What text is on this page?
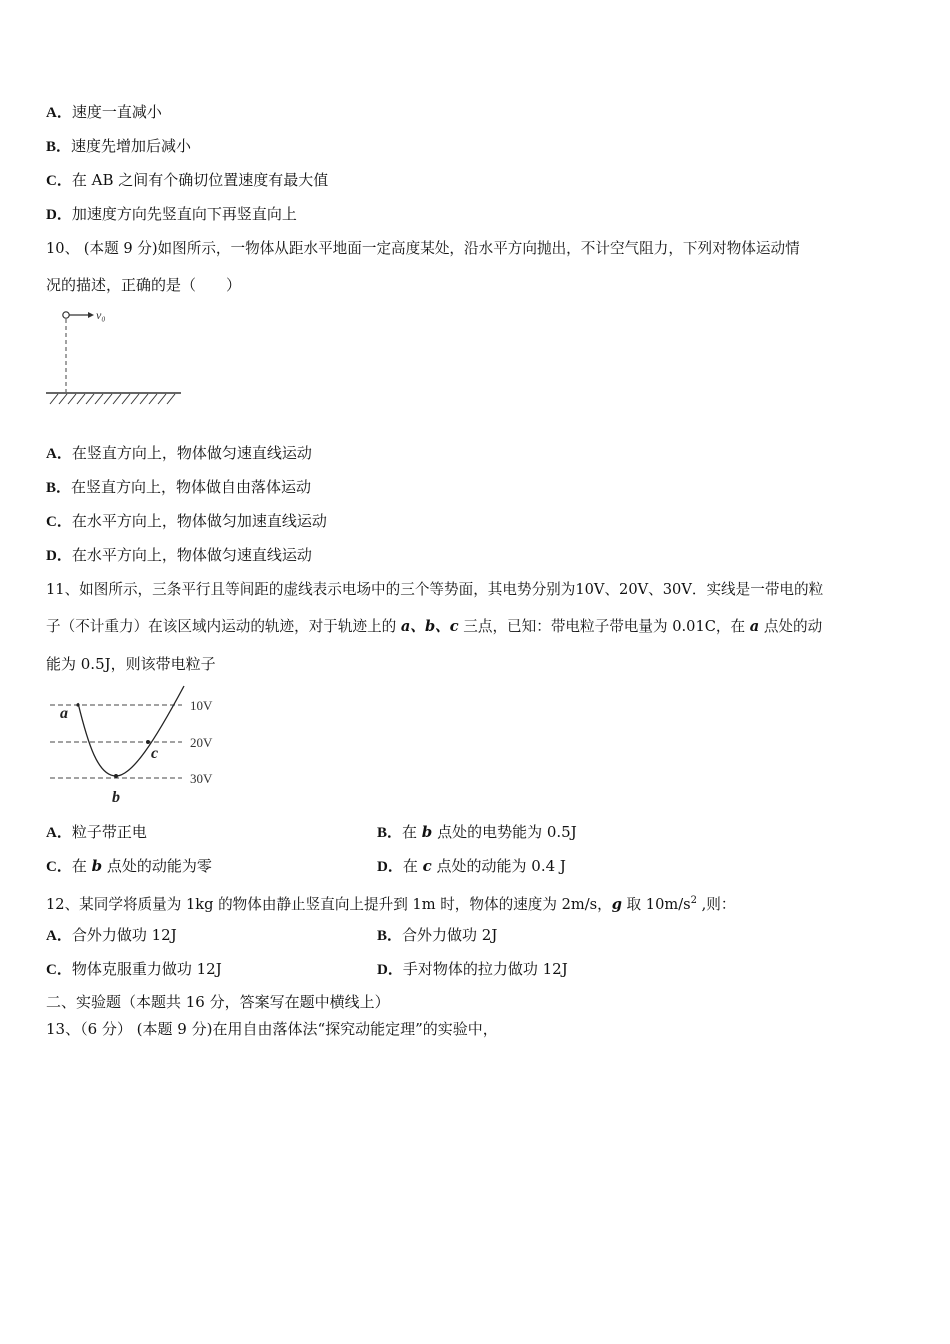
A．速度一直减小
B．速度先增加后减小
C．在 AB 之间有个确切位置速度有最大值
D．加速度方向先竖直向下再竖直向上
10、 (本题 9 分)如图所示，一物体从距水平地面一定高度某处，沿水平方向抛出，不计空气阻力，下列对物体运动情
况的描述，正确的是（　　）
v₀
A．在竖直方向上，物体做匀速直线运动
B．在竖直方向上，物体做自由落体运动
C．在水平方向上，物体做匀加速直线运动
D．在水平方向上，物体做匀速直线运动
11、如图所示，三条平行且等间距的虚线表示电场中的三个等势面，其电势分别为10V、20V、30V．实线是一带电的粒
子（不计重力）在该区域内运动的轨迹，对于轨迹上的 a、b、c 三点，已知：带电粒子带电量为 0.01C，在 a 点处的动
能为 0.5J，则该带电粒子
10V
20V
30V
a
c
b
A．粒子带正电	B．在 b 点处的电势能为 0.5J
C．在 b 点处的动能为零	D．在 c 点处的动能为 0.4 J
12、某同学将质量为 1kg 的物体由静止竖直向上提升到 1m 时，物体的速度为 2m/s，g 取 $10m/s^2$ ,则：
A．合外力做功 12J	B．合外力做功 2J
C．物体克服重力做功 12J	D．手对物体的拉力做功 12J
二、实验题（本题共 16 分，答案写在题中横线上）
13、（6 分） (本题 9 分)在用自由落体法“探究动能定理”的实验中，
